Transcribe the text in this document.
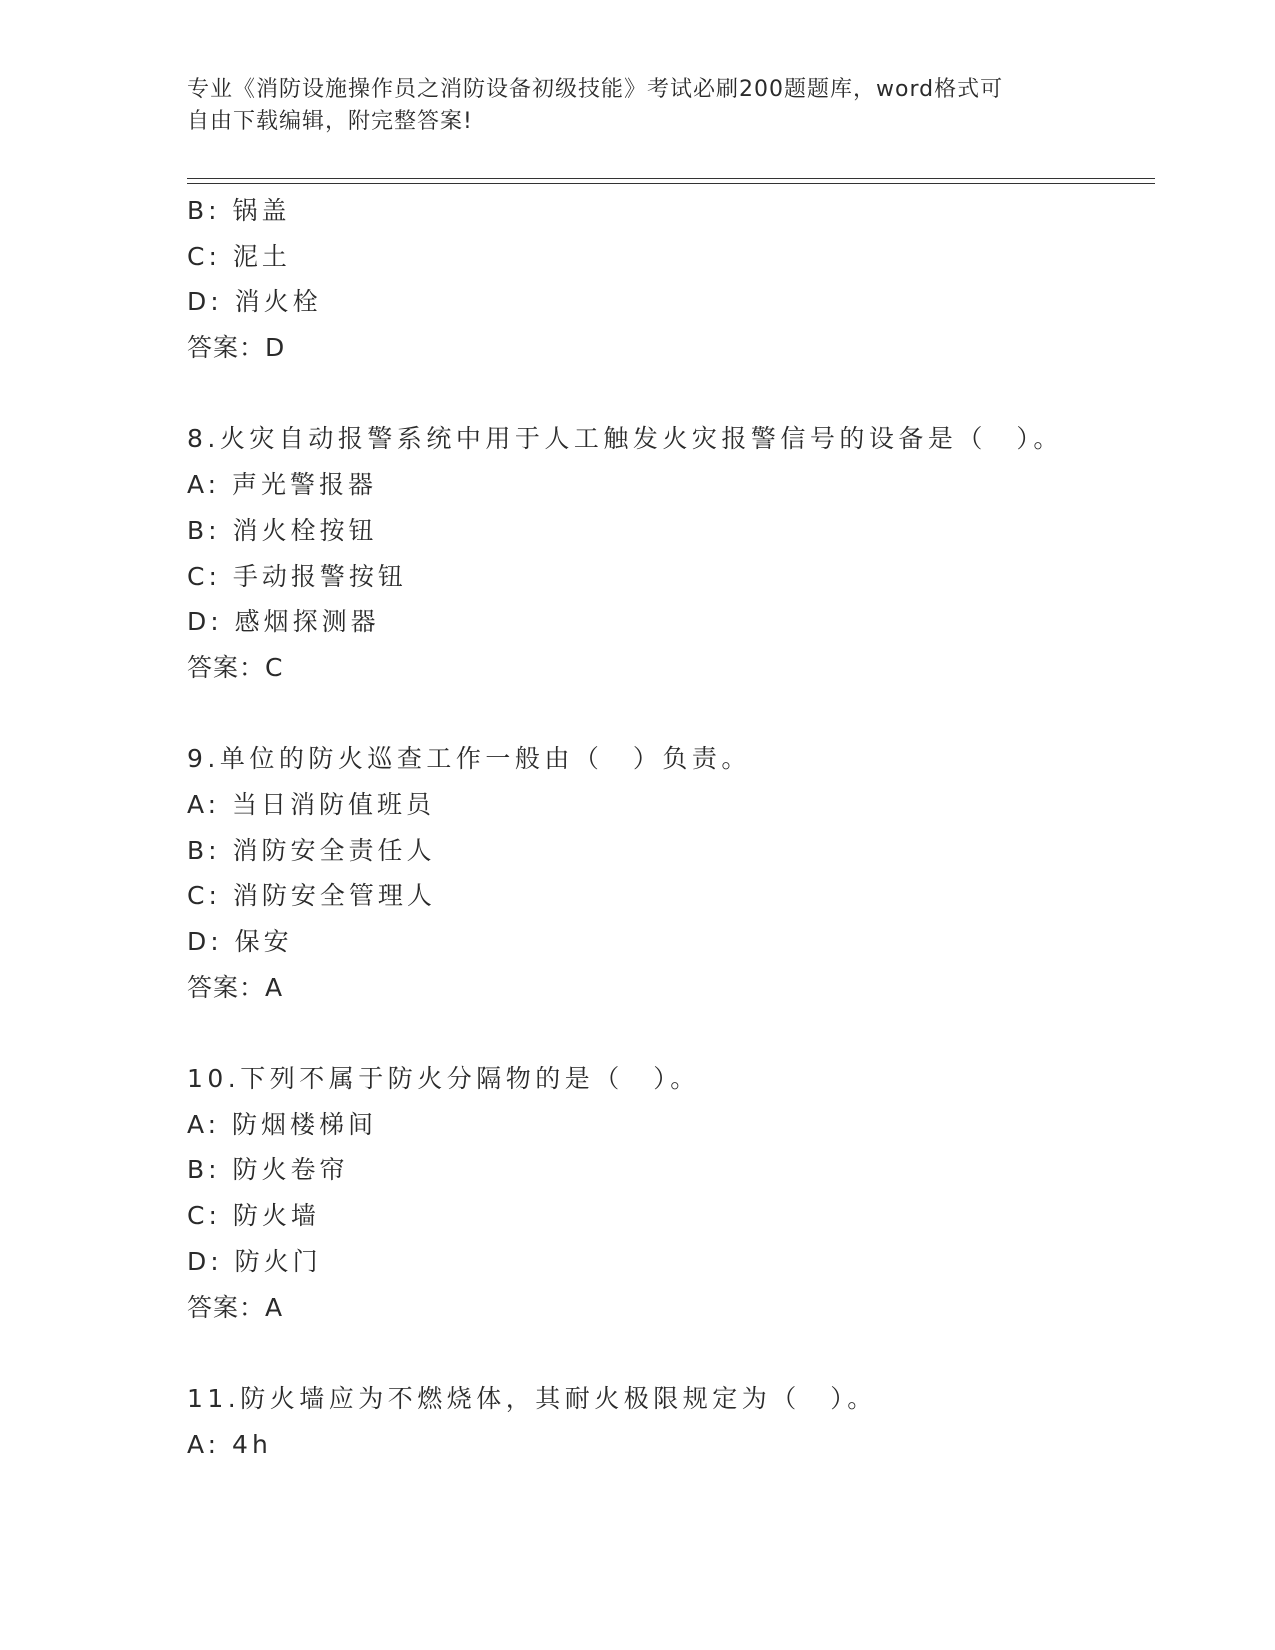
专业《消防设施操作员之消防设备初级技能》考试必刷200题题库，word格式可
自由下载编辑，附完整答案!
B: 锅盖
C: 泥土
D: 消火栓
答案：D
8.火灾自动报警系统中用于人工触发火灾报警信号的设备是（　）。
A: 声光警报器
B: 消火栓按钮
C: 手动报警按钮
D: 感烟探测器
答案：C
9.单位的防火巡查工作一般由（　）负责。
A: 当日消防值班员
B: 消防安全责任人
C: 消防安全管理人
D: 保安
答案：A
10.下列不属于防火分隔物的是（　）。
A: 防烟楼梯间
B: 防火卷帘
C: 防火墙
D: 防火门
答案：A
11.防火墙应为不燃烧体，其耐火极限规定为（　）。
A: 4h
